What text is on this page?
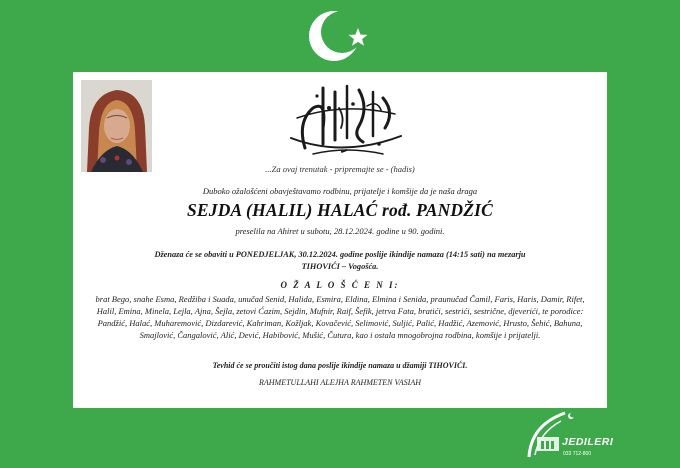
...Za ovaj trenutak - pripremajte se - (hadis)
Duboko ožalošćeni obavještavamo rodbinu, prijatelje i komšije da je naša draga
SEJDA (HALIL) HALAĆ rođ. PANDŽIĆ
preselila na Ahiret u subotu, 28.12.2024. godine u 90. godini.
Dženaza će se obaviti u PONEDJELJAK, 30.12.2024. godine poslije ikindije namaza (14:15 sati) na mezarju
TIHOVIĆI – Vogošća.
O Ž A L O Š Ć E N I:
brat Bego, snahe Esma, Redžiba i Suada, unučad Senid, Halida, Esmira, Eldina, Elmina i Senida, praunučad Čamil, Faris, Haris, Damir, Rifet, Halil, Emina, Minela, Lejla, Ajna, Šejla, zetovi Ćazim, Sejdin, Mufnir, Raif, Šefik, jetrva Fata, bratići, sestrići, sestrične, djeverići, te porodice: Pandžić, Halać, Muharemović, Dizdarević, Kahriman, Kožljak, Kovačević, Selimović, Suljić, Palić, Hadžić, Azemović, Hrusto, Šehić, Bahuna, Smajlović, Čangalović, Alić, Dević, Habibović, Mušić, Čutura, kao i ostala mnogobrojna rodbina, komšije i prijatelji.
Tevhid će se proučiti istog dana poslije ikindije namaza u džamiji TIHOVIĆI.
RAHMETULLAHI ALEJHA RAHMETEN VASIAH
JEDILERI
033 712-800
